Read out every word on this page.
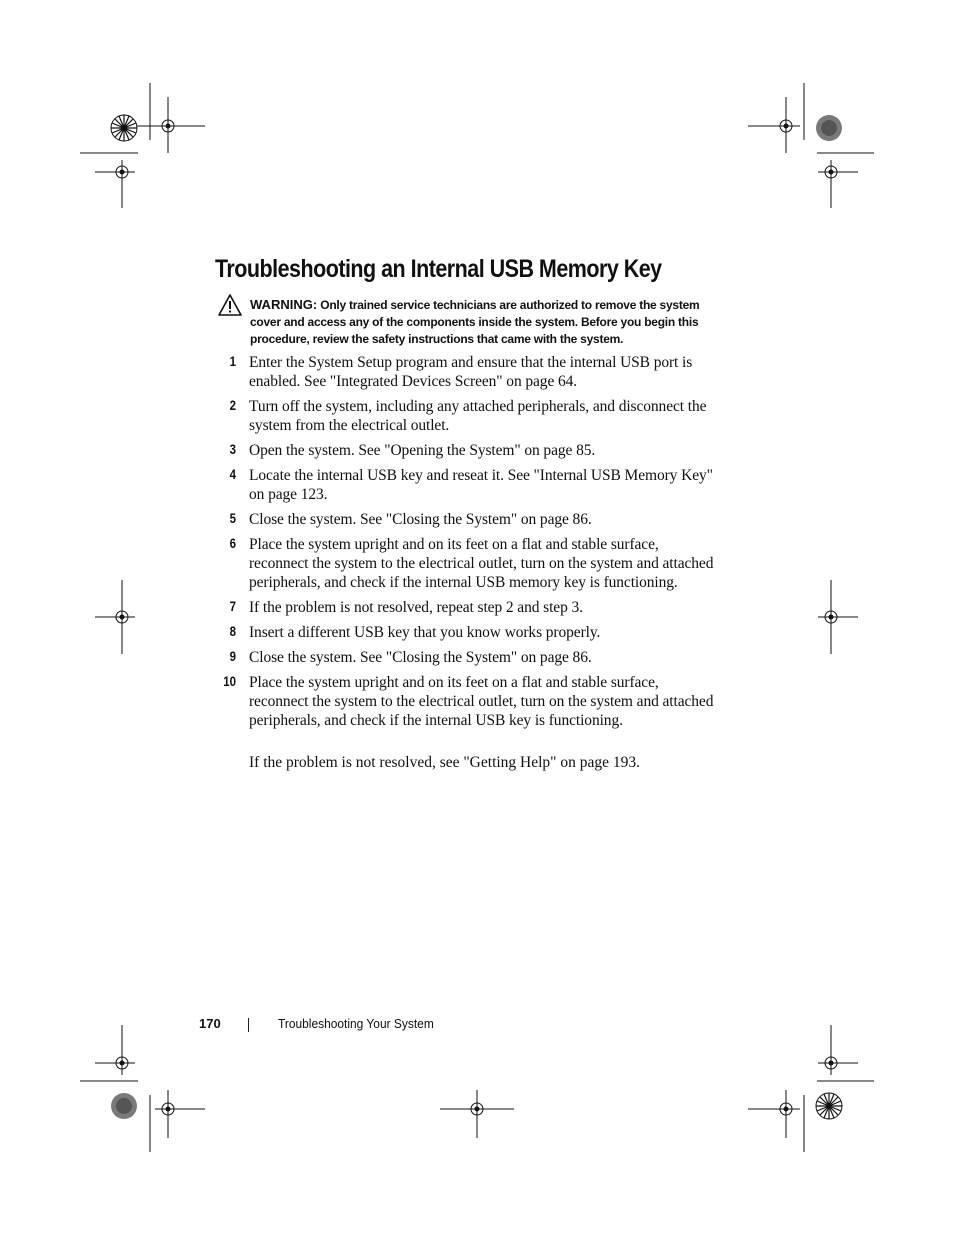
Troubleshooting an Internal USB Memory Key
WARNING: Only trained service technicians are authorized to remove the system cover and access any of the components inside the system. Before you begin this procedure, review the safety instructions that came with the system.
1 Enter the System Setup program and ensure that the internal USB port is enabled. See "Integrated Devices Screen" on page 64.
2 Turn off the system, including any attached peripherals, and disconnect the system from the electrical outlet.
3 Open the system. See "Opening the System" on page 85.
4 Locate the internal USB key and reseat it. See "Internal USB Memory Key" on page 123.
5 Close the system. See "Closing the System" on page 86.
6 Place the system upright and on its feet on a flat and stable surface, reconnect the system to the electrical outlet, turn on the system and attached peripherals, and check if the internal USB memory key is functioning.
7 If the problem is not resolved, repeat step 2 and step 3.
8 Insert a different USB key that you know works properly.
9 Close the system. See "Closing the System" on page 86.
10 Place the system upright and on its feet on a flat and stable surface, reconnect the system to the electrical outlet, turn on the system and attached peripherals, and check if the internal USB key is functioning.

If the problem is not resolved, see "Getting Help" on page 193.

170	Troubleshooting Your System
